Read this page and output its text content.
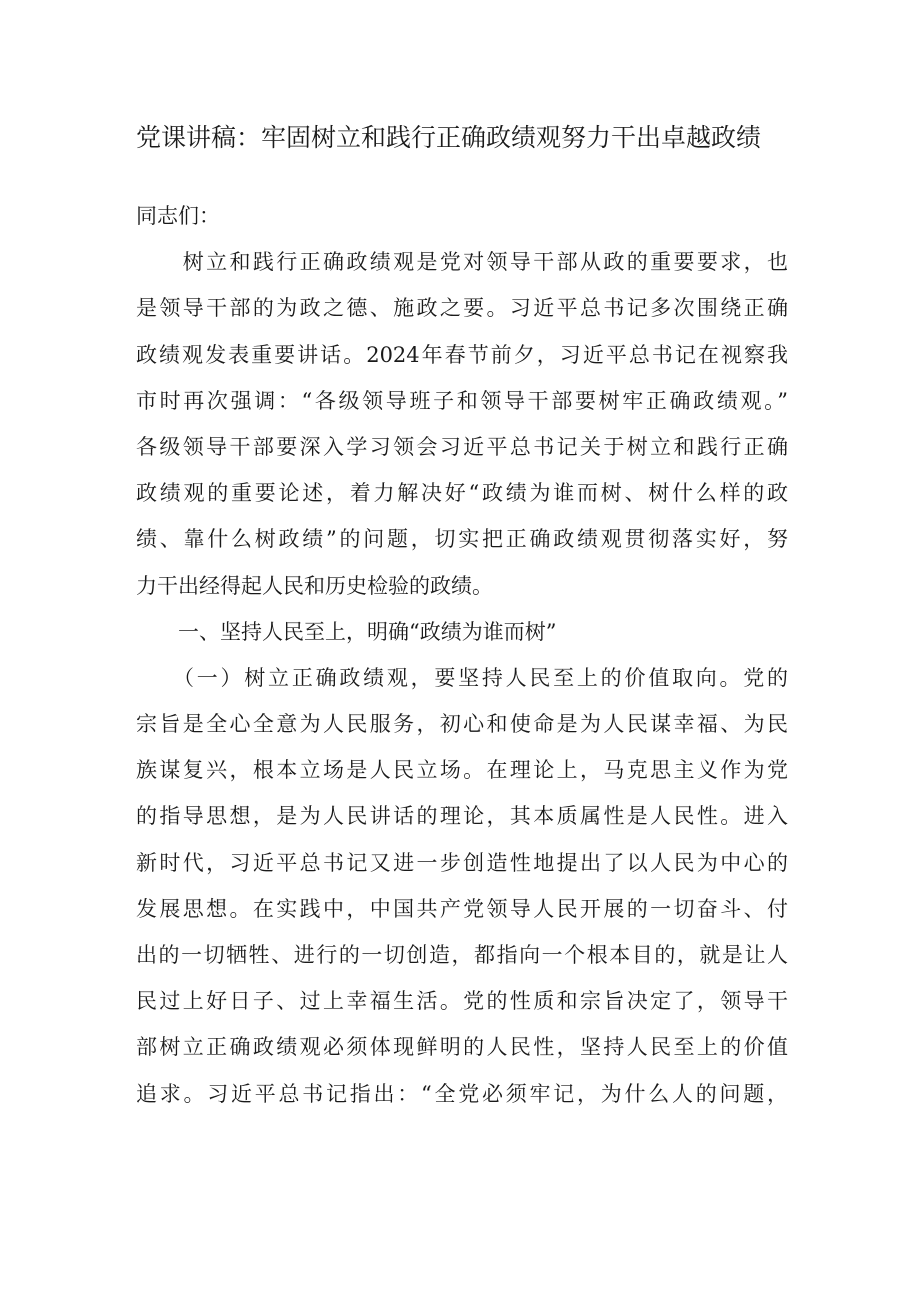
党课讲稿：牢固树立和践行正确政绩观努力干出卓越政绩
同志们：
　　树立和践行正确政绩观是党对领导干部从政的重要要求，也
是领导干部的为政之德、施政之要。习近平总书记多次围绕正确
政绩观发表重要讲话。2024年春节前夕，习近平总书记在视察我
市时再次强调：“各级领导班子和领导干部要树牢正确政绩观。”
各级领导干部要深入学习领会习近平总书记关于树立和践行正确
政绩观的重要论述，着力解决好“政绩为谁而树、树什么样的政
绩、靠什么树政绩”的问题，切实把正确政绩观贯彻落实好，努
力干出经得起人民和历史检验的政绩。
　　一、坚持人民至上，明确“政绩为谁而树”
　　（一）树立正确政绩观，要坚持人民至上的价值取向。党的
宗旨是全心全意为人民服务，初心和使命是为人民谋幸福、为民
族谋复兴，根本立场是人民立场。在理论上，马克思主义作为党
的指导思想，是为人民讲话的理论，其本质属性是人民性。进入
新时代，习近平总书记又进一步创造性地提出了以人民为中心的
发展思想。在实践中，中国共产党领导人民开展的一切奋斗、付
出的一切牺牲、进行的一切创造，都指向一个根本目的，就是让人
民过上好日子、过上幸福生活。党的性质和宗旨决定了，领导干
部树立正确政绩观必须体现鲜明的人民性，坚持人民至上的价值
追求。习近平总书记指出：“全党必须牢记，为什么人的问题，
